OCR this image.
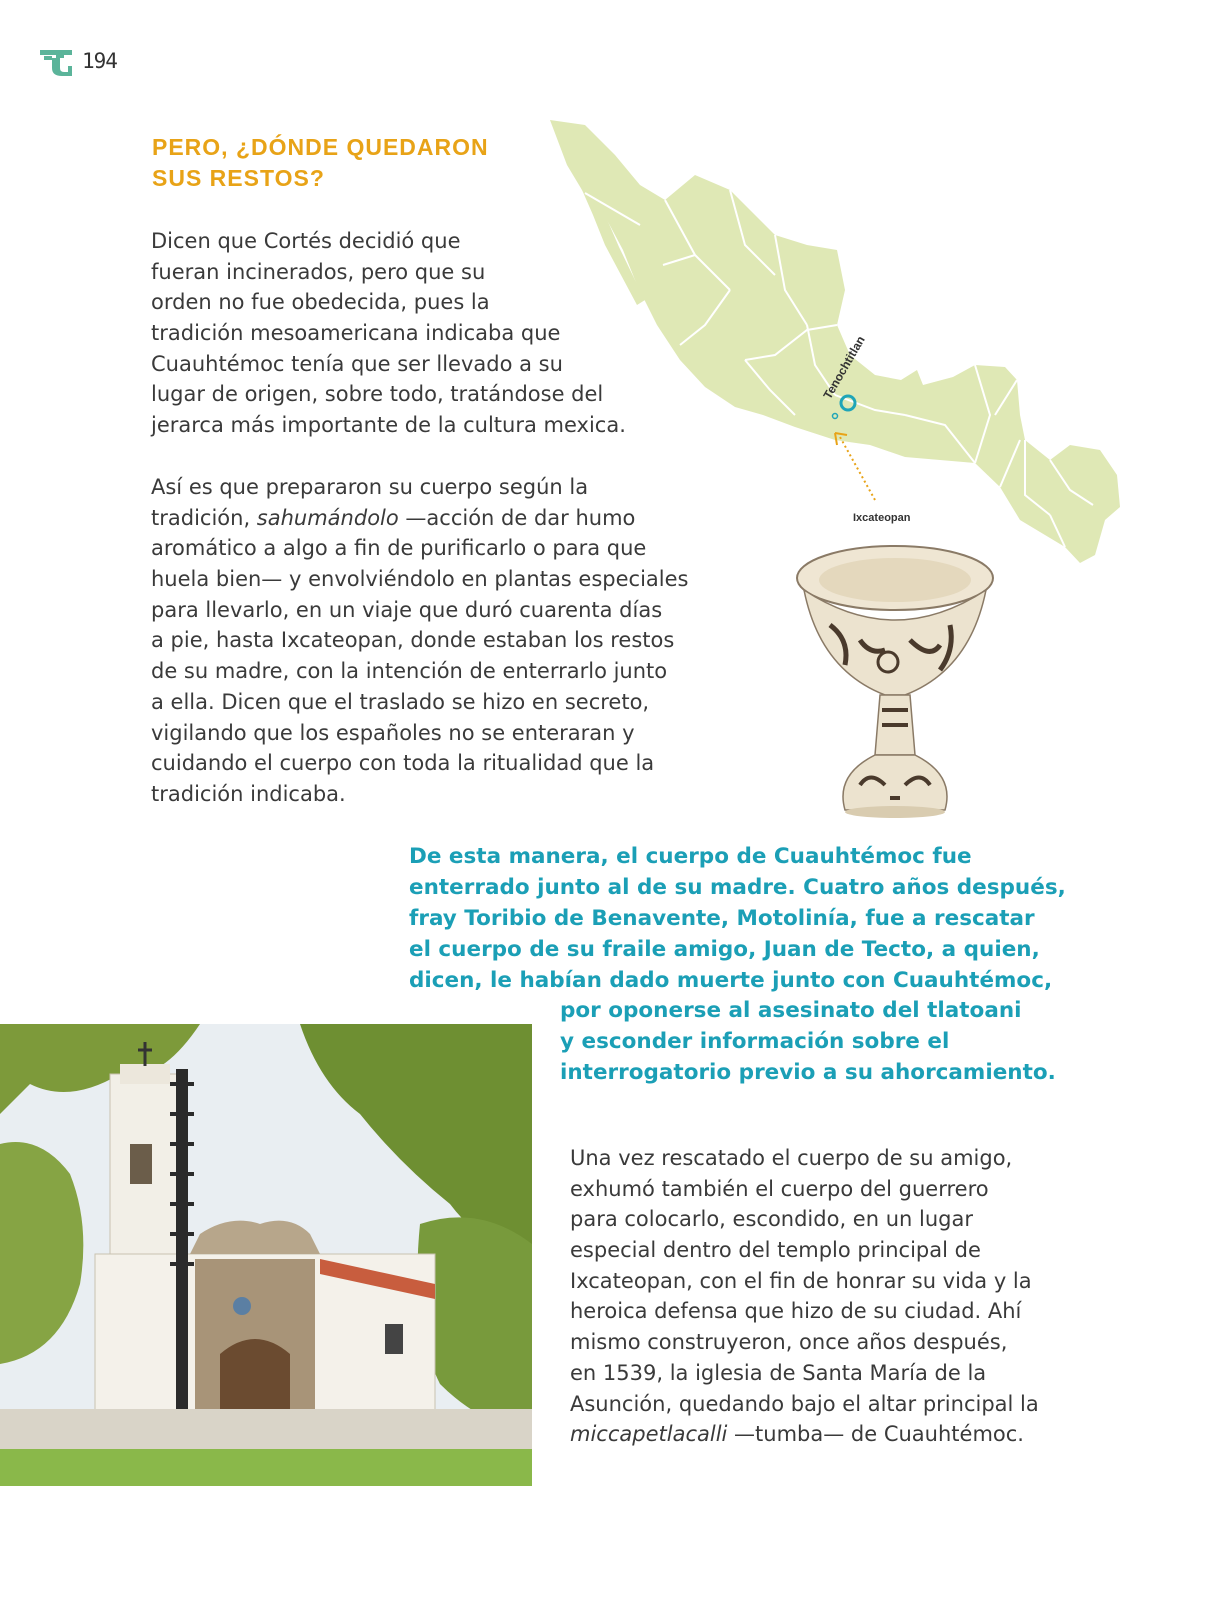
194
PERO, ¿DÓNDE QUEDARON
SUS RESTOS?
Tenochtitlan
Ixcateopan
Dicen que Cortés decidió que
fueran incinerados, pero que su
orden no fue obedecida, pues la
tradición mesoamericana indicaba que
Cuauhtémoc tenía que ser llevado a su
lugar de origen, sobre todo, tratándose del
jerarca más importante de la cultura mexica.
Así es que prepararon su cuerpo según la
tradición, sahumándolo —acción de dar humo
aromático a algo a fin de purificarlo o para que
huela bien— y envolviéndolo en plantas especiales
para llevarlo, en un viaje que duró cuarenta días
a pie, hasta Ixcateopan, donde estaban los restos
de su madre, con la intención de enterrarlo junto
a ella. Dicen que el traslado se hizo en secreto,
vigilando que los españoles no se enteraran y
cuidando el cuerpo con toda la ritualidad que la
tradición indicaba.
De esta manera, el cuerpo de Cuauhtémoc fue
enterrado junto al de su madre. Cuatro años después,
fray Toribio de Benavente, Motolinía, fue a rescatar
el cuerpo de su fraile amigo, Juan de Tecto, a quien,
dicen, le habían dado muerte junto con Cuauhtémoc,
por oponerse al asesinato del tlatoani
y esconder información sobre el
interrogatorio previo a su ahorcamiento.
Una vez rescatado el cuerpo de su amigo,
exhumó también el cuerpo del guerrero
para colocarlo, escondido, en un lugar
especial dentro del templo principal de
Ixcateopan, con el fin de honrar su vida y la
heroica defensa que hizo de su ciudad. Ahí
mismo construyeron, once años después,
en 1539, la iglesia de Santa María de la
Asunción, quedando bajo el altar principal la
miccapetlacalli —tumba— de Cuauhtémoc.
